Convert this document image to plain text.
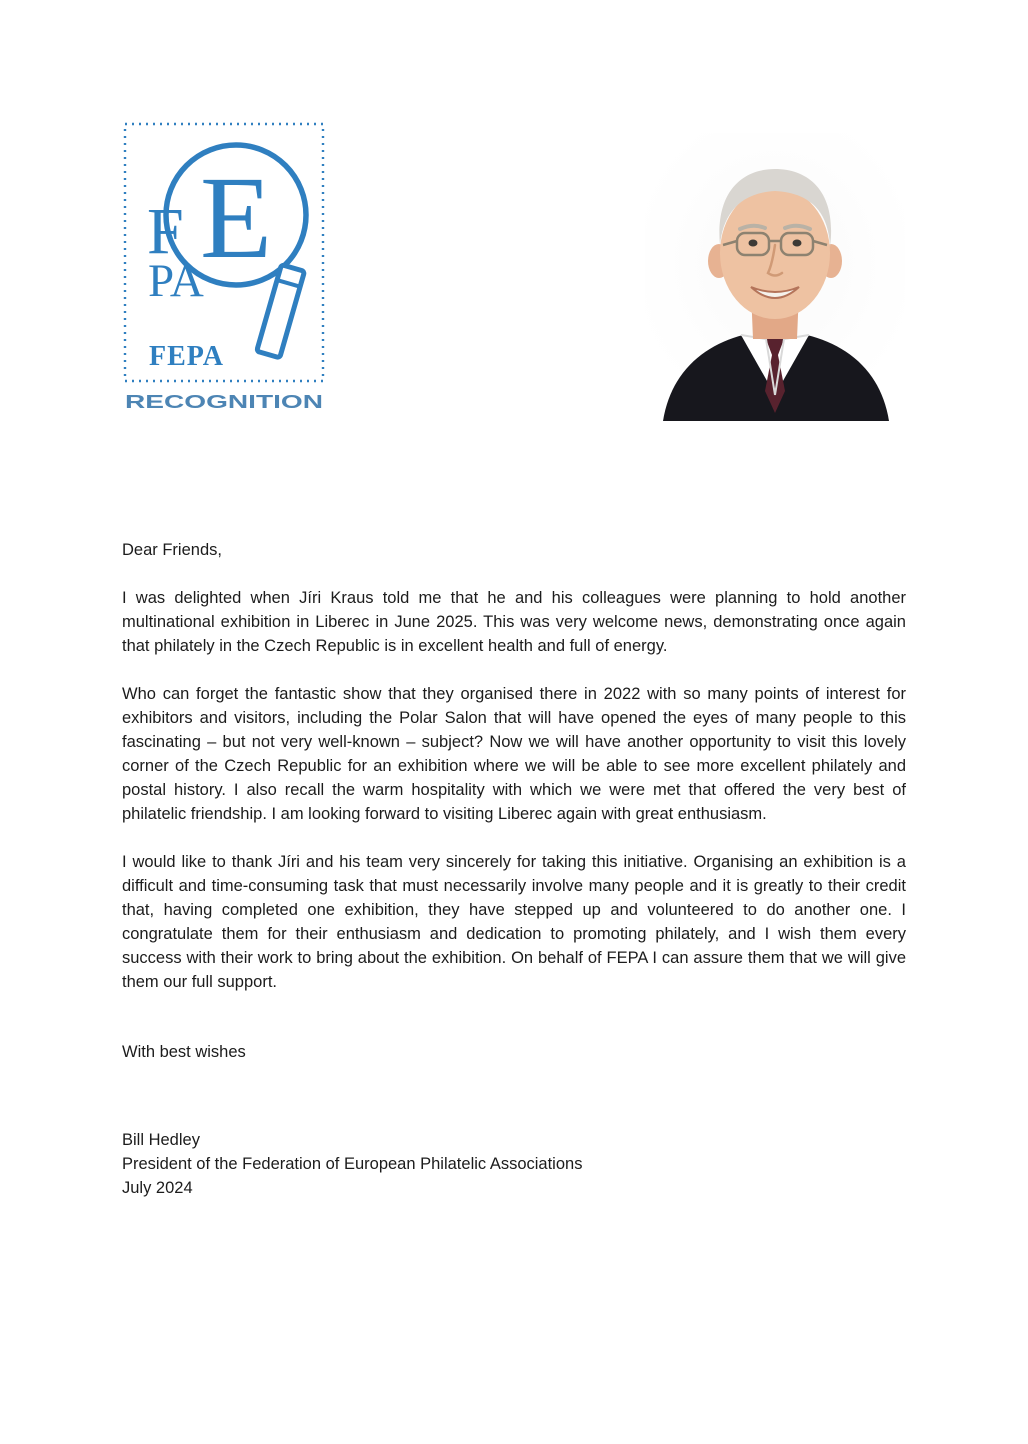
F
PA
E
FEPA
RECOGNITION
Dear Friends,

I was delighted when Jíri Kraus told me that he and his colleagues were planning to hold another multinational exhibition in Liberec in June 2025. This was very welcome news, demonstrating once again that philately in the Czech Republic is in excellent health and full of energy.

Who can forget the fantastic show that they organised there in 2022 with so many points of interest for exhibitors and visitors, including the Polar Salon that will have opened the eyes of many people to this fascinating – but not very well-known – subject? Now we will have another opportunity to visit this lovely corner of the Czech Republic for an exhibition where we will be able to see more excellent philately and postal history. I also recall the warm hospitality with which we were met that offered the very best of philatelic friendship. I am looking forward to visiting Liberec again with great enthusiasm.

I would like to thank Jíri and his team very sincerely for taking this initiative. Organising an exhibition is a difficult and time-consuming task that must necessarily involve many people and it is greatly to their credit that, having completed one exhibition, they have stepped up and volunteered to do another one. I congratulate them for their enthusiasm and dedication to promoting philately, and I wish them every success with their work to bring about the exhibition. On behalf of FEPA I can assure them that we will give them our full support.

With best wishes
Bill Hedley
President of the Federation of European Philatelic Associations
July 2024
